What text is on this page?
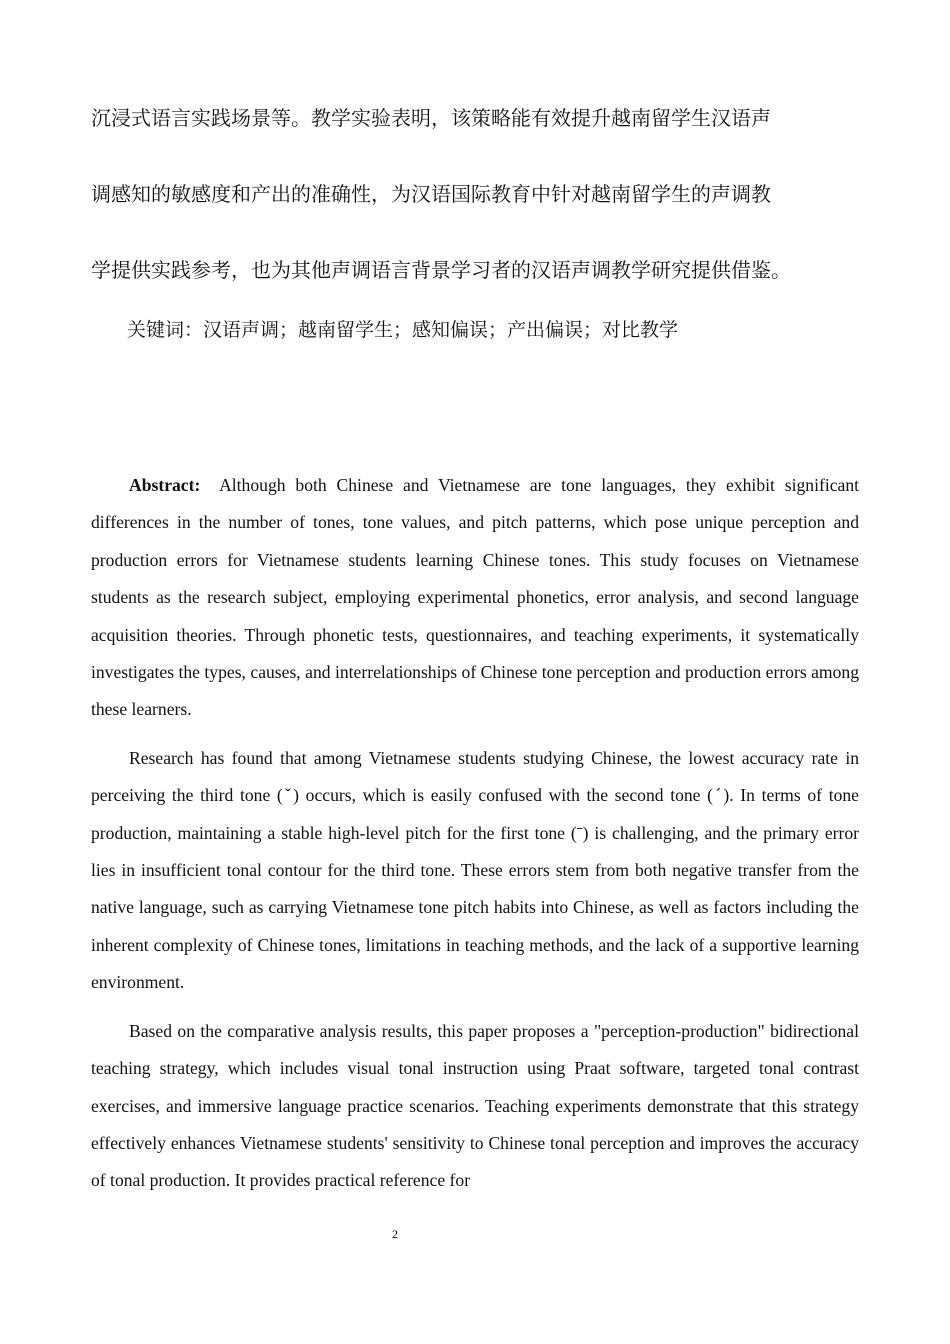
沉浸式语言实践场景等。教学实验表明，该策略能有效提升越南留学生汉语声
调感知的敏感度和产出的准确性，为汉语国际教育中针对越南留学生的声调教
学提供实践参考，也为其他声调语言背景学习者的汉语声调教学研究提供借鉴。

关键词：汉语声调；越南留学生；感知偏误；产出偏误；对比教学

Abstract: Although both Chinese and Vietnamese are tone languages, they exhibit significant differences in the number of tones, tone values, and pitch patterns, which pose unique perception and production errors for Vietnamese students learning Chinese tones. This study focuses on Vietnamese students as the research subject, employing experimental phonetics, error analysis, and second language acquisition theories. Through phonetic tests, questionnaires, and teaching experiments, it systematically investigates the types, causes, and interrelationships of Chinese tone perception and production errors among these learners.

Research has found that among Vietnamese students studying Chinese, the lowest accuracy rate in perceiving the third tone (ˇ) occurs, which is easily confused with the second tone (ˊ). In terms of tone production, maintaining a stable high-level pitch for the first tone (ˉ) is challenging, and the primary error lies in insufficient tonal contour for the third tone. These errors stem from both negative transfer from the native language, such as carrying Vietnamese tone pitch habits into Chinese, as well as factors including the inherent complexity of Chinese tones, limitations in teaching methods, and the lack of a supportive learning environment.

Based on the comparative analysis results, this paper proposes a "perception-production" bidirectional teaching strategy, which includes visual tonal instruction using Praat software, targeted tonal contrast exercises, and immersive language practice scenarios. Teaching experiments demonstrate that this strategy effectively enhances Vietnamese students' sensitivity to Chinese tonal perception and improves the accuracy of tonal production. It provides practical reference for

2
